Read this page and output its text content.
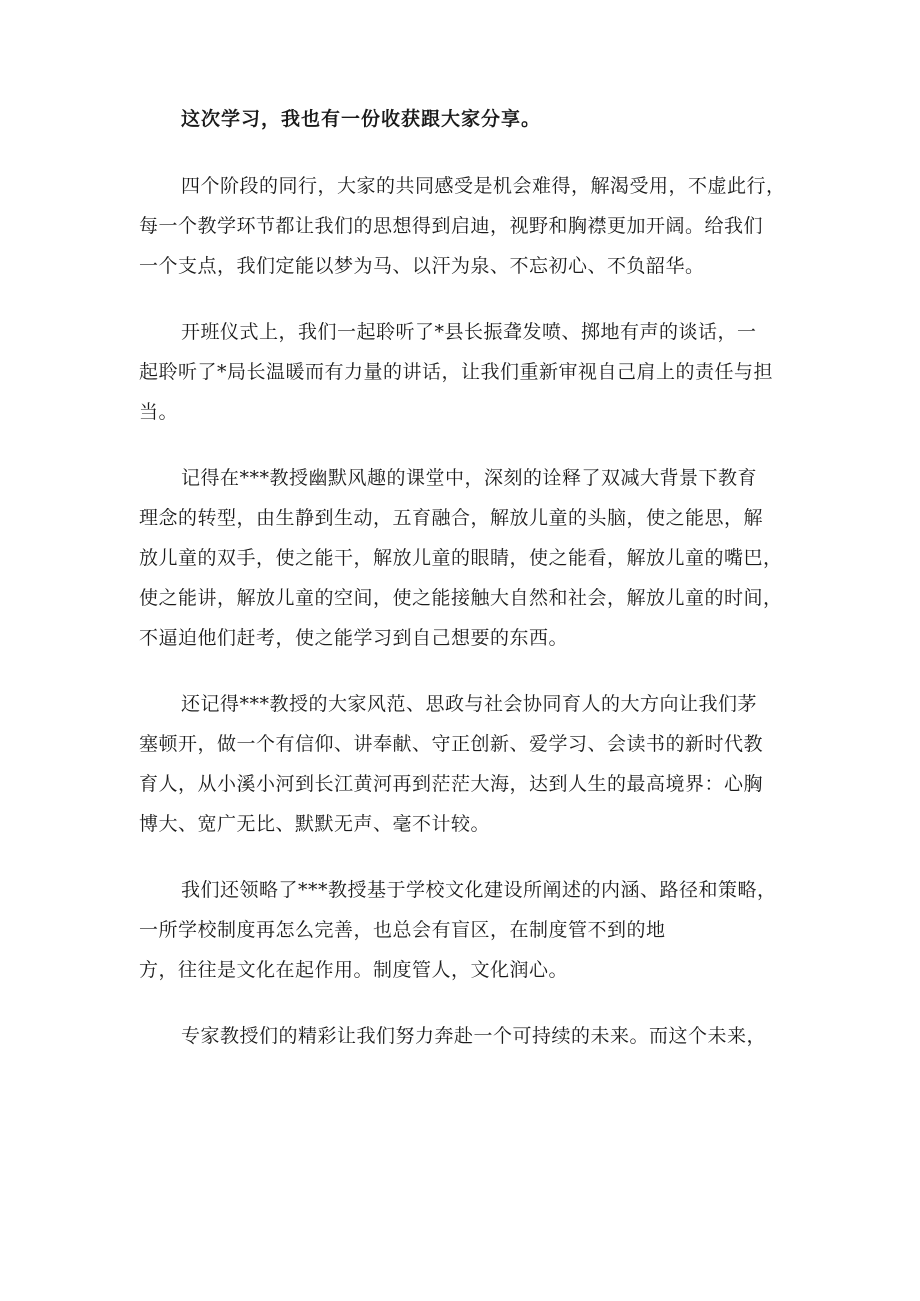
这次学习，我也有一份收获跟大家分享。

四个阶段的同行，大家的共同感受是机会难得，解渴受用，不虚此行，
每一个教学环节都让我们的思想得到启迪，视野和胸襟更加开阔。给我们
一个支点，我们定能以梦为马、以汗为泉、不忘初心、不负韶华。
开班仪式上，我们一起聆听了*县长振聋发喷、掷地有声的谈话，一
起聆听了*局长温暖而有力量的讲话，让我们重新审视自己肩上的责任与担
当。
记得在***教授幽默风趣的课堂中，深刻的诠释了双减大背景下教育
理念的转型，由生静到生动，五育融合，解放儿童的头脑，使之能思，解
放儿童的双手，使之能干，解放儿童的眼睛，使之能看，解放儿童的嘴巴，
使之能讲，解放儿童的空间，使之能接触大自然和社会，解放儿童的时间，
不逼迫他们赶考，使之能学习到自己想要的东西。
还记得***教授的大家风范、思政与社会协同育人的大方向让我们茅
塞顿开，做一个有信仰、讲奉献、守正创新、爱学习、会读书的新时代教
育人，从小溪小河到长江黄河再到茫茫大海，达到人生的最高境界：心胸
博大、宽广无比、默默无声、毫不计较。
我们还领略了***教授基于学校文化建设所阐述的内涵、路径和策略，
一所学校制度再怎么完善，也总会有盲区，在制度管不到的地
方，往往是文化在起作用。制度管人，文化润心。
专家教授们的精彩让我们努力奔赴一个可持续的未来。而这个未来，
